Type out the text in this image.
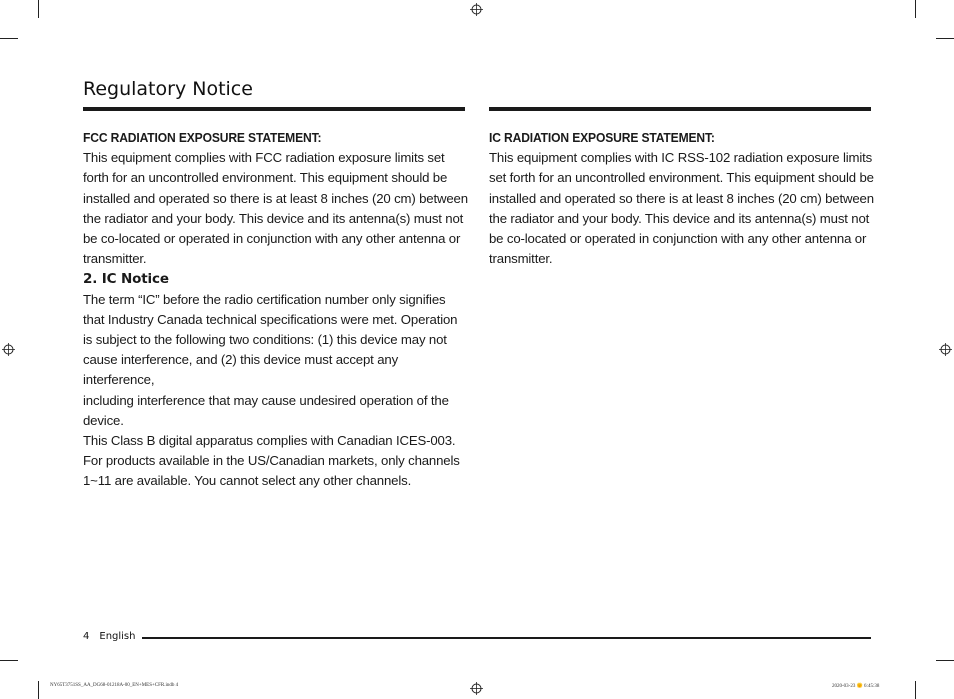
Regulatory Notice

FCC RADIATION EXPOSURE STATEMENT:

This equipment complies with FCC radiation exposure limits set

forth for an uncontrolled environment. This equipment should be

installed and operated so there is at least 8 inches (20 cm) between

the radiator and your body. This device and its antenna(s) must not

be co-located or operated in conjunction with any other antenna or

transmitter.

2. IC Notice

The term “IC” before the radio certification number only signifies

that Industry Canada technical specifications were met. Operation

is subject to the following two conditions: (1) this device may not

cause interference, and (2) this device must accept any interference,

including interference that may cause undesired operation of the

device.

This Class B digital apparatus complies with Canadian ICES-003.

For products available in the US/Canadian markets, only channels

1~11 are available. You cannot select any other channels.

IC RADIATION EXPOSURE STATEMENT:

This equipment complies with IC RSS-102 radiation exposure limits

set forth for an uncontrolled environment. This equipment should be

installed and operated so there is at least 8 inches (20 cm) between

the radiator and your body. This device and its antenna(s) must not

be co-located or operated in conjunction with any other antenna or

transmitter.

4 English
NY65T3751SS_AA_DG68-01218A-00_EN+MES+CFR.indb 4	2020-03-23 🌞 6:45:38
